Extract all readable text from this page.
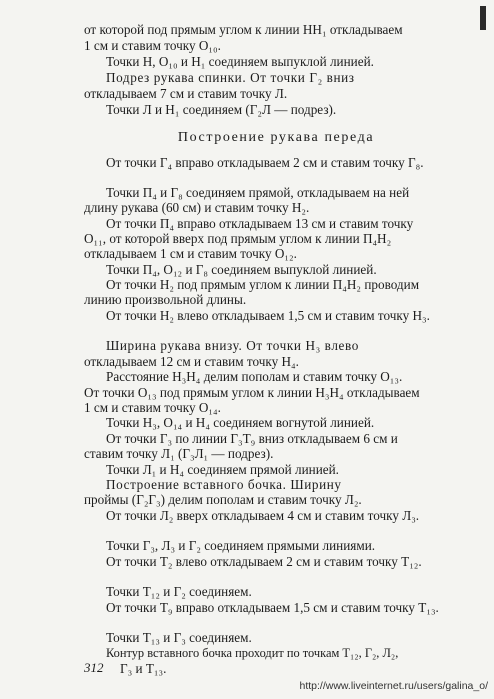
от которой под прямым углом к линии HH₁ откладываем
1 см и ставим точку O₁₀.
Точки H, O₁₀ и H₁ соединяем выпуклой линией.
Подрез рукава спинки. От точки Г₂ вниз
откладываем 7 см и ставим точку Л.
Точки Л и H₁ соединяем (Г₂Л — подрез).
Построение рукава переда
От точки Г₄ вправо откладываем 2 см и ставим точку Г₈.
Точки П₄ и Г₈ соединяем прямой, откладываем на ней
длину рукава (60 см) и ставим точку H₂.
От точки П₄ вправо откладываем 13 см и ставим точку
O₁₁, от которой вверх под прямым углом к линии П₄H₂
откладываем 1 см и ставим точку O₁₂.
Точки П₄, O₁₂ и Г₈ соединяем выпуклой линией.
От точки H₂ под прямым углом к линии П₄H₂ проводим
линию произвольной длины.
От точки H₂ влево откладываем 1,5 см и ставим точку H₃.
Ширина рукава внизу. От точки H₃ влево
откладываем 12 см и ставим точку H₄.
Расстояние H₃H₄ делим пополам и ставим точку O₁₃.
От точки O₁₃ под прямым углом к линии H₃H₄ откладываем
1 см и ставим точку O₁₄.
Точки H₃, O₁₄ и H₄ соединяем вогнутой линией.
От точки Г₃ по линии Г₃Т₉ вниз откладываем 6 см и
ставим точку Л₁ (Г₃Л₁ — подрез).
Точки Л₁ и H₄ соединяем прямой линией.
Построение вставного бочка. Ширину
проймы (Г₂Г₃) делим пополам и ставим точку Л₂.
От точки Л₂ вверх откладываем 4 см и ставим точку Л₃.
Точки Г₃, Л₃ и Г₂ соединяем прямыми линиями.
От точки Т₂ влево откладываем 2 см и ставим точку Т₁₂.
Точки Т₁₂ и Г₂ соединяем.
От точки Т₉ вправо откладываем 1,5 см и ставим точку Т₁₃.
Точки Т₁₃ и Г₃ соединяем.
Контур вставного бочка проходит по точкам Т₁₂, Г₂, Л₂,
Г₃ и Т₁₃.
312
http://www.liveinternet.ru/users/galina_o/
